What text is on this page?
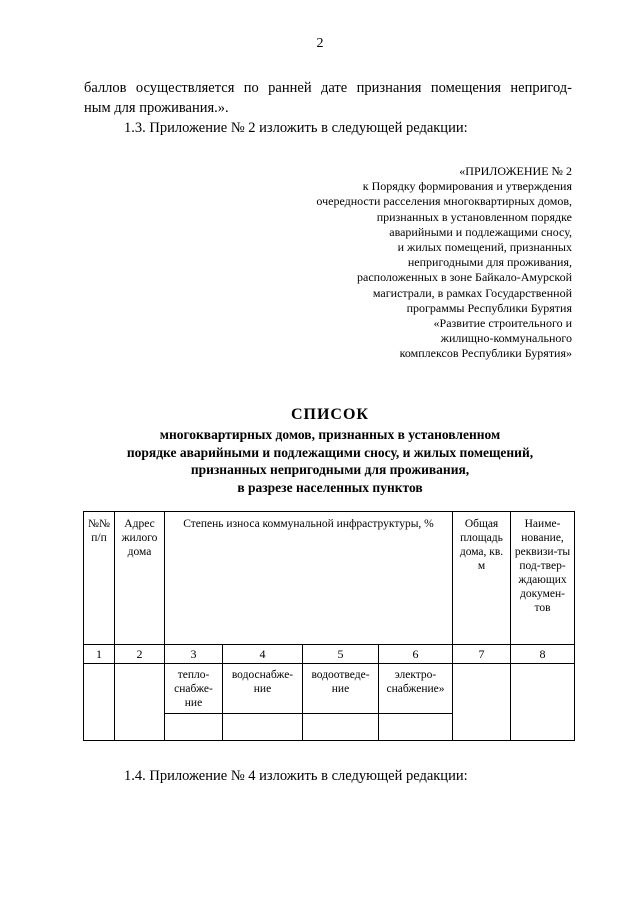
2
баллов осуществляется по ранней дате признания помещения непригод-
ным для проживания.».
1.3. Приложение № 2 изложить в следующей редакции:
«ПРИЛОЖЕНИЕ № 2
к Порядку формирования и утверждения
очередности расселения многоквартирных домов,
признанных в установленном порядке
аварийными и подлежащими сносу,
и жилых помещений, признанных
непригодными для проживания,
расположенных в зоне Байкало-Амурской
магистрали, в рамках Государственной
программы Республики Бурятия
«Развитие строительного и
жилищно-коммунального
комплексов Республики Бурятия»
СПИСОК
многоквартирных домов, признанных в установленном
порядке аварийными и подлежащими сносу, и жилых помещений,
признанных непригодными для проживания,
в разрезе населенных пунктов
№№ п/п	Адрес жилого дома	Степень износа коммунальной инфраструктуры, %				Общая площадь дома, кв. м	Наиме-нование, реквизи-ты под-твер-ждающих докумен-тов
1	2	3	4	5	6	7	8
		тепло-снабже-ние	водоснабже-ние	водоотведе-ние	электро-снабжение»		

1.4. Приложение № 4 изложить в следующей редакции:
